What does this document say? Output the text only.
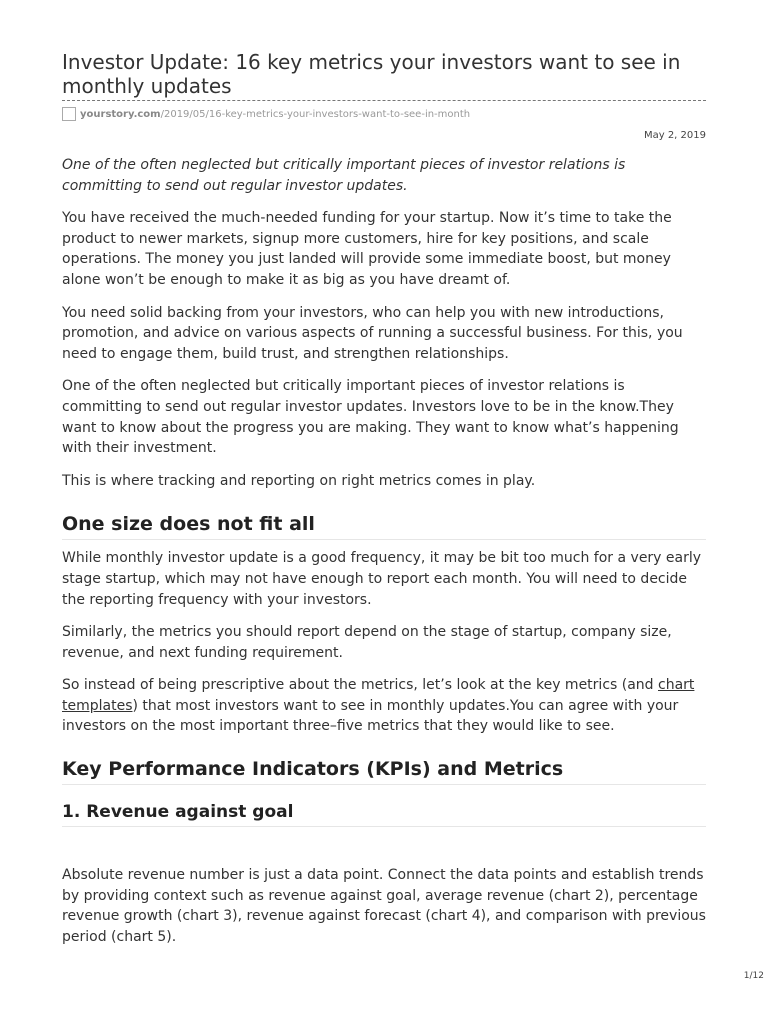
Investor Update: 16 key metrics your investors want to see in monthly updates
yourstory.com/2019/05/16-key-metrics-your-investors-want-to-see-in-month
May 2, 2019

One of the often neglected but critically important pieces of investor relations is committing to send out regular investor updates.

You have received the much-needed funding for your startup. Now it’s time to take the product to newer markets, signup more customers, hire for key positions, and scale operations. The money you just landed will provide some immediate boost, but money alone won’t be enough to make it as big as you have dreamt of.

You need solid backing from your investors, who can help you with new introductions, promotion, and advice on various aspects of running a successful business. For this, you need to engage them, build trust, and strengthen relationships.

One of the often neglected but critically important pieces of investor relations is committing to send out regular investor updates. Investors love to be in the know.They want to know about the progress you are making. They want to know what’s happening with their investment.

This is where tracking and reporting on right metrics comes in play.

One size does not fit all

While monthly investor update is a good frequency, it may be bit too much for a very early stage startup, which may not have enough to report each month. You will need to decide the reporting frequency with your investors.

Similarly, the metrics you should report depend on the stage of startup, company size, revenue, and next funding requirement.

So instead of being prescriptive about the metrics, let’s look at the key metrics (and chart templates) that most investors want to see in monthly updates.You can agree with your investors on the most important three–five metrics that they would like to see.

Key Performance Indicators (KPIs) and Metrics
1. Revenue against goal

Absolute revenue number is just a data point. Connect the data points and establish trends by providing context such as revenue against goal, average revenue (chart 2), percentage revenue growth (chart 3), revenue against forecast (chart 4), and comparison with previous period (chart 5).

1/12
